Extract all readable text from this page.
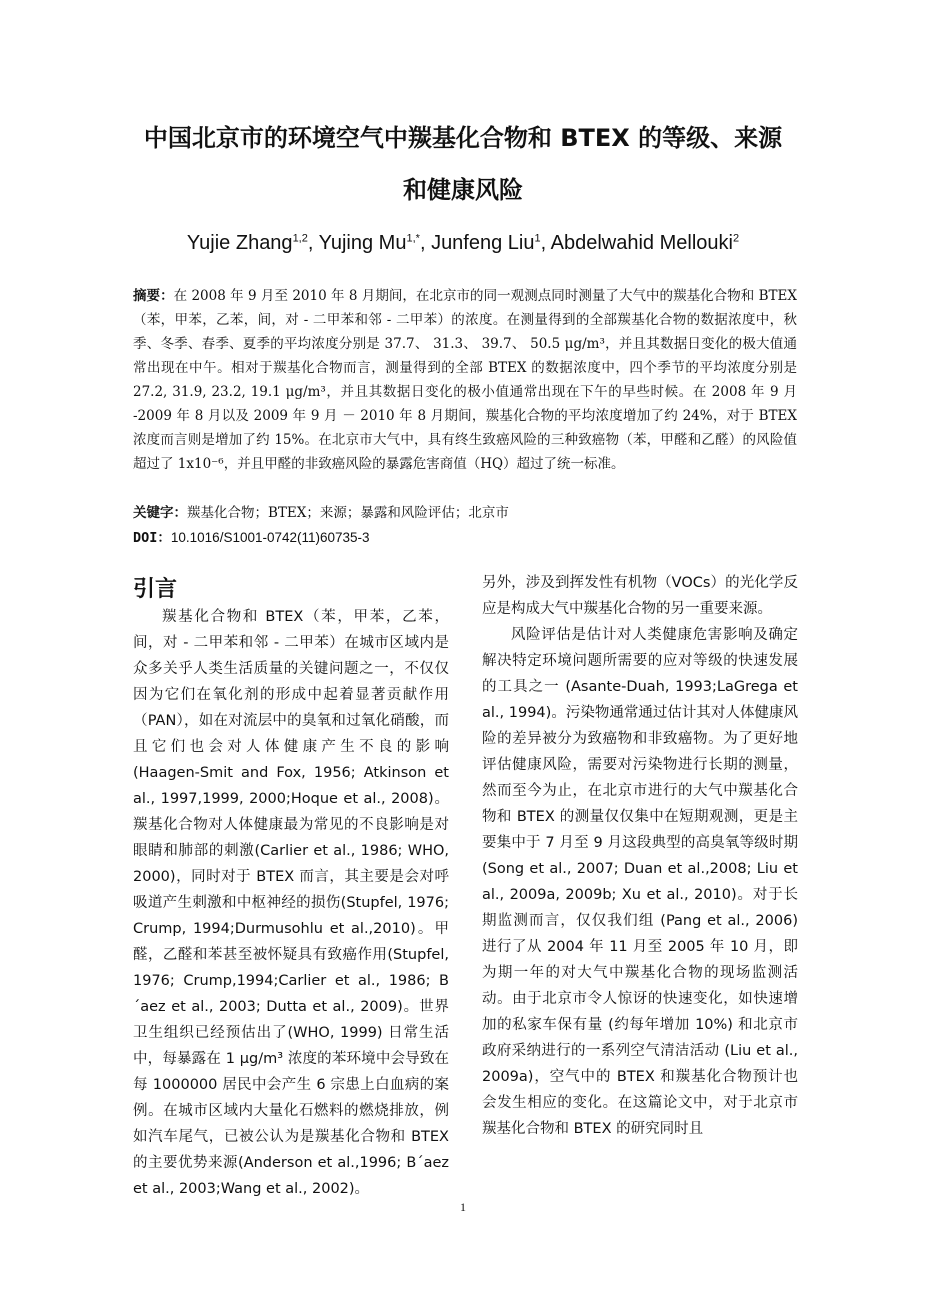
中国北京市的环境空气中羰基化合物和 BTEX 的等级、来源
和健康风险

Yujie Zhang$^{1,2}$, Yujing $Mu^{1,*}$, Junfeng Liu$^1$, Abdelwahid Mellouki$^2$

摘要：在 2008 年 9 月至 2010 年 8 月期间，在北京市的同一观测点同时测量了大气中的羰基化合物和 BTEX（苯，甲苯，乙苯，间，对 - 二甲苯和邻 - 二甲苯）的浓度。在测量得到的全部羰基化合物的数据浓度中，秋季、冬季、春季、夏季的平均浓度分别是 37.7、 31.3、 39.7、 50.5 μg/m³，并且其数据日变化的极大值通常出现在中午。相对于羰基化合物而言，测量得到的全部 BTEX 的数据浓度中，四个季节的平均浓度分别是 27.2, 31.9, 23.2, 19.1 μg/m³，并且其数据日变化的极小值通常出现在下午的早些时候。在 2008 年 9 月 -2009 年 8 月以及 2009 年 9 月 － 2010 年 8 月期间，羰基化合物的平均浓度增加了约 24%，对于 BTEX 浓度而言则是增加了约 15%。在北京市大气中，具有终生致癌风险的三种致癌物（苯，甲醛和乙醛）的风险值超过了 1x10⁻⁶，并且甲醛的非致癌风险的暴露危害商值（HQ）超过了统一标准。

关键字：羰基化合物；BTEX；来源；暴露和风险评估；北京市

DOI：10.1016/S1001-0742(11)60735-3

引言

羰基化合物和 BTEX（苯，甲苯，乙苯，间，对 - 二甲苯和邻 - 二甲苯）在城市区域内是众多关乎人类生活质量的关键问题之一，不仅仅因为它们在氧化剂的形成中起着显著贡献作用（PAN），如在对流层中的臭氧和过氧化硝酸，而且它们也会对人体健康产生不良的影响 (Haagen-Smit and Fox, 1956; Atkinson et al., 1997,1999, 2000;Hoque et al., 2008)。羰基化合物对人体健康最为常见的不良影响是对眼睛和肺部的刺激(Carlier et al., 1986; WHO, 2000)，同时对于 BTEX 而言，其主要是会对呼吸道产生刺激和中枢神经的损伤(Stupfel, 1976; Crump, 1994;Durmusohlu et al.,2010)。甲醛，乙醛和苯甚至被怀疑具有致癌作用(Stupfel, 1976; Crump,1994;Carlier et al., 1986; B´aez et al., 2003; Dutta et al., 2009)。世界卫生组织已经预估出了(WHO, 1999) 日常生活中，每暴露在 1 μg/m³ 浓度的苯环境中会导致在每 1000000 居民中会产生 6 宗患上白血病的案例。在城市区域内大量化石燃料的燃烧排放，例如汽车尾气，已被公认为是羰基化合物和 BTEX 的主要优势来源(Anderson et al.,1996; B´aez et al., 2003;Wang et al., 2002)。

另外，涉及到挥发性有机物（VOCs）的光化学反应是构成大气中羰基化合物的另一重要来源。

风险评估是估计对人类健康危害影响及确定解决特定环境问题所需要的应对等级的快速发展的工具之一 (Asante-Duah, 1993;LaGrega et al., 1994)。污染物通常通过估计其对人体健康风险的差异被分为致癌物和非致癌物。为了更好地评估健康风险，需要对污染物进行长期的测量，然而至今为止，在北京市进行的大气中羰基化合物和 BTEX 的测量仅仅集中在短期观测，更是主要集中于 7 月至 9 月这段典型的高臭氧等级时期(Song et al., 2007; Duan et al.,2008; Liu et al., 2009a, 2009b; Xu et al., 2010)。对于长期监测而言，仅仅我们组 (Pang et al., 2006) 进行了从 2004 年 11 月至 2005 年 10 月，即为期一年的对大气中羰基化合物的现场监测活动。由于北京市令人惊讶的快速变化，如快速增加的私家车保有量 (约每年增加 10%) 和北京市政府采纳进行的一系列空气清洁活动 (Liu et al., 2009a)，空气中的 BTEX 和羰基化合物预计也会发生相应的变化。在这篇论文中，对于北京市羰基化合物和 BTEX 的研究同时且

1
